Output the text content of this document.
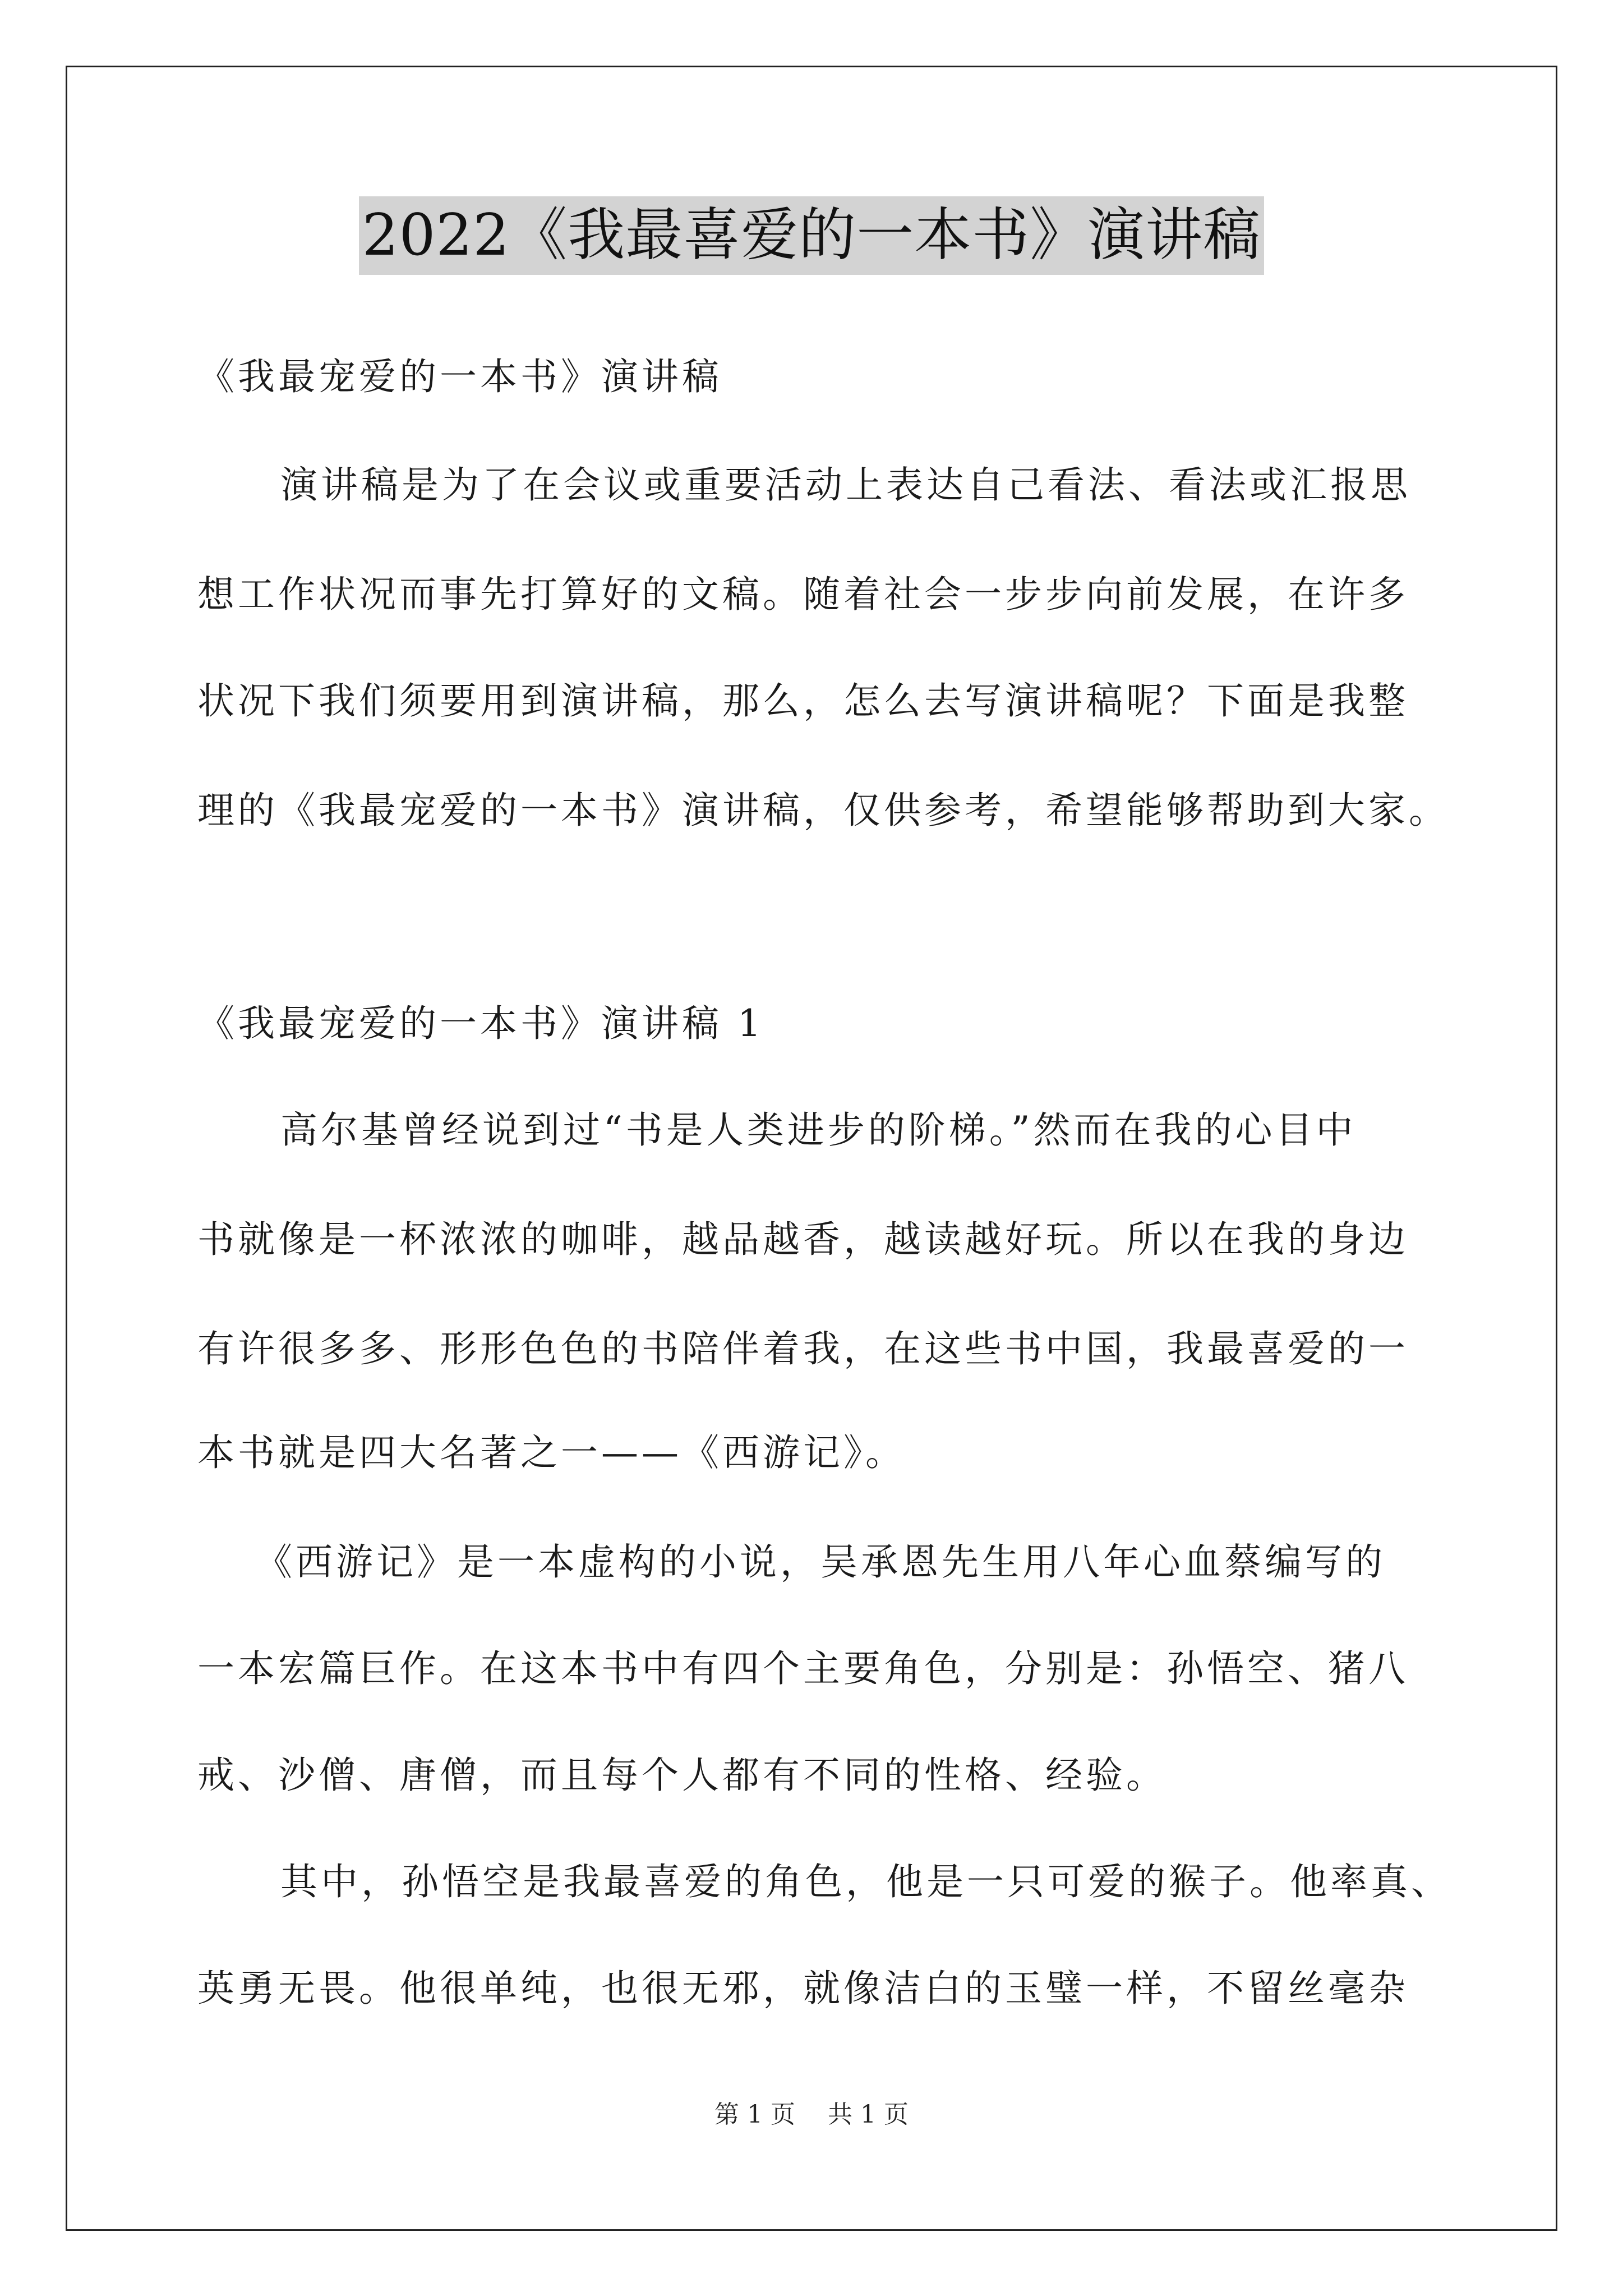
2022《我最喜爱的一本书》演讲稿
《我最宠爱的一本书》演讲稿
演讲稿是为了在会议或重要活动上表达自己看法、看法或汇报思
想工作状况而事先打算好的文稿。随着社会一步步向前发展，在许多
状况下我们须要用到演讲稿，那么，怎么去写演讲稿呢？下面是我整
理的《我最宠爱的一本书》演讲稿，仅供参考，希望能够帮助到大家。
《我最宠爱的一本书》演讲稿 1
高尔基曾经说到过“书是人类进步的阶梯。”然而在我的心目中
书就像是一杯浓浓的咖啡，越品越香，越读越好玩。所以在我的身边
有许很多多、形形色色的书陪伴着我，在这些书中国，我最喜爱的一
本书就是四大名著之一——《西游记》。
《西游记》是一本虚构的小说，吴承恩先生用八年心血蔡编写的
一本宏篇巨作。在这本书中有四个主要角色，分别是：孙悟空、猪八
戒、沙僧、唐僧，而且每个人都有不同的性格、经验。
其中，孙悟空是我最喜爱的角色，他是一只可爱的猴子。他率真、
英勇无畏。他很单纯，也很无邪，就像洁白的玉璧一样，不留丝毫杂
第 1 页 共 1 页
